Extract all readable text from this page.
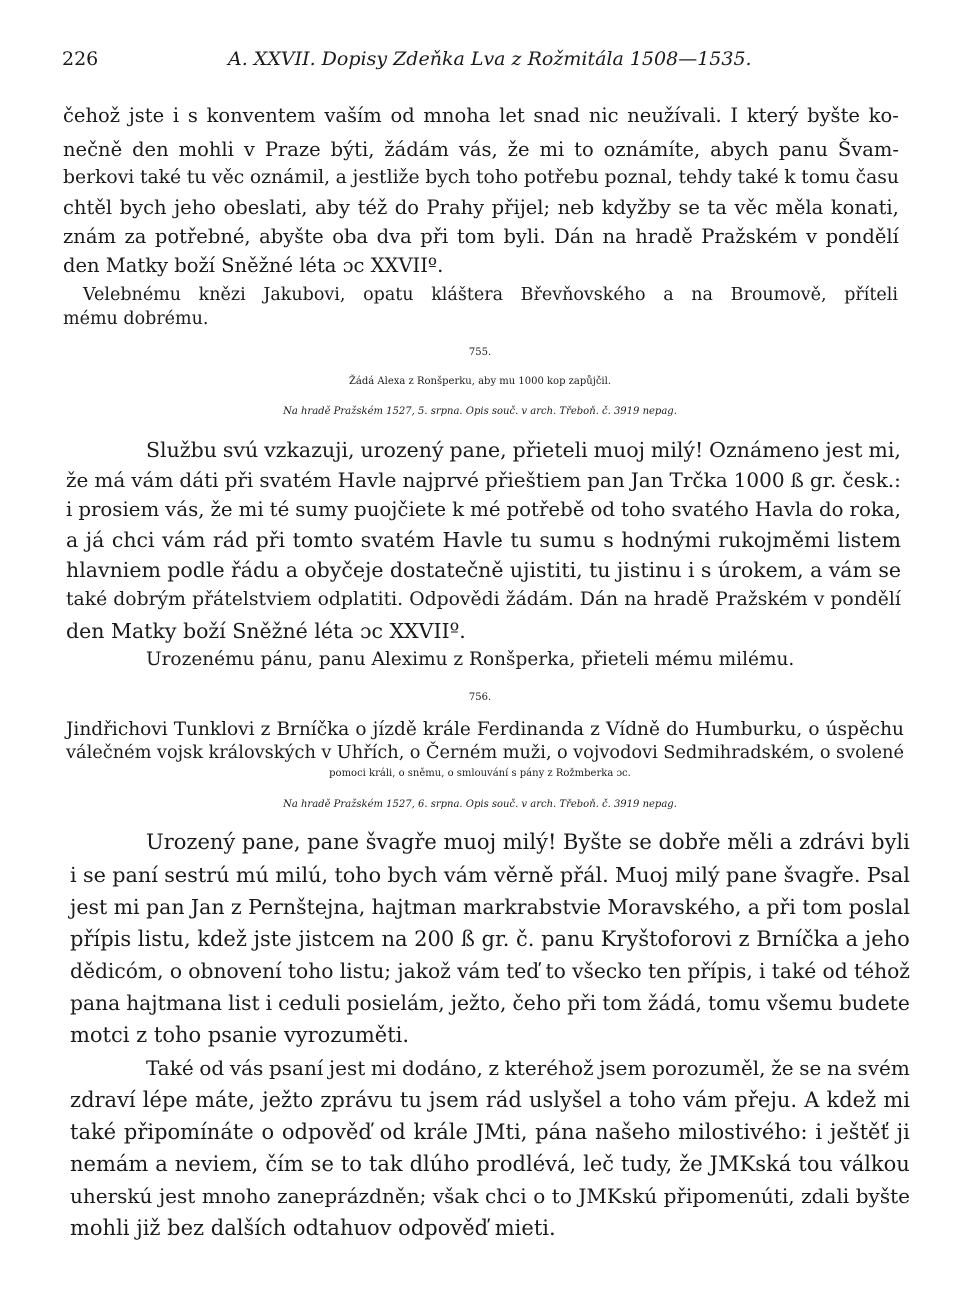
226	A. XXVII. Dopisy Zdeňka Lva z Rožmitála 1508—1535.
čehož jste i s konventem vaším od mnoha let snad nic neužívali. I který byšte ko-
nečně den mohli v Praze býti, žádám vás, že mi to oznámíte, abych panu Švam-
berkovi také tu věc oznámil, a jestliže bych toho potřebu poznal, tehdy také k tomu času
chtěl bych jeho obeslati, aby též do Prahy přijel; neb kdyžby se ta věc měla konati,
znám za potřebné, abyšte oba dva při tom byli. Dán na hradě Pražském v pondělí
den Matky boží Sněžné léta ɔc XXVIIº.
Velebnému knězi Jakubovi, opatu kláštera Břevňovského a na Broumově, příteli
mému dobrému.
755.
Žádá Alexa z Ronšperku, aby mu 1000 kop zapůjčil.
Na hradě Pražském 1527, 5. srpna. Opis souč. v arch. Třeboň. č. 3919 nepag.
Službu svú vzkazuji, urozený pane, přieteli muoj milý! Oznámeno jest mi,
že má vám dáti při svatém Havle najprvé přieštiem pan Jan Trčka 1000 ß gr. česk.:
i prosiem vás, že mi té sumy puojčiete k mé potřebě od toho svatého Havla do roka,
a já chci vám rád při tomto svatém Havle tu sumu s hodnými rukojměmi listem
hlavniem podle řádu a obyčeje dostatečně ujistiti, tu jistinu i s úrokem, a vám se
také dobrým přátelstviem odplatiti. Odpovědi žádám. Dán na hradě Pražském v pondělí
den Matky boží Sněžné léta ɔc XXVIIº.
Urozenému pánu, panu Aleximu z Ronšperka, přieteli mému milému.
756.
Jindřichovi Tunklovi z Brníčka o jízdě krále Ferdinanda z Vídně do Humburku, o úspěchu
válečném vojsk královských v Uhřích, o Černém muži, o vojvodovi Sedmihradském, o svolené
pomoci králi, o sněmu, o smlouvání s pány z Rožmberka ɔc.
Na hradě Pražském 1527, 6. srpna. Opis souč. v arch. Třeboň. č. 3919 nepag.
Urozený pane, pane švagře muoj milý! Byšte se dobře měli a zdrávi byli
i se paní sestrú mú milú, toho bych vám věrně přál. Muoj milý pane švagře. Psal
jest mi pan Jan z Pernštejna, hajtman markrabstvie Moravského, a při tom poslal
přípis listu, kdež jste jistcem na 200 ß gr. č. panu Kryštoforovi z Brníčka a jeho
dědicóm, o obnovení toho listu; jakož vám teď to všecko ten přípis, i také od téhož
pana hajtmana list i ceduli posielám, ježto, čeho při tom žádá, tomu všemu budete
motci z toho psanie vyrozuměti.
Také od vás psaní jest mi dodáno, z kteréhož jsem porozuměl, že se na svém
zdraví lépe máte, ježto zprávu tu jsem rád uslyšel a toho vám přeju. A kdež mi
také připomínáte o odpověď od krále JMti, pána našeho milostivého: i ještěť ji
nemám a neviem, čím se to tak dlúho prodlévá, leč tudy, že JMKská tou válkou
uherskú jest mnoho zaneprázdněn; však chci o to JMKskú připomenúti, zdali byšte
mohli již bez dalších odtahuov odpověď mieti.
